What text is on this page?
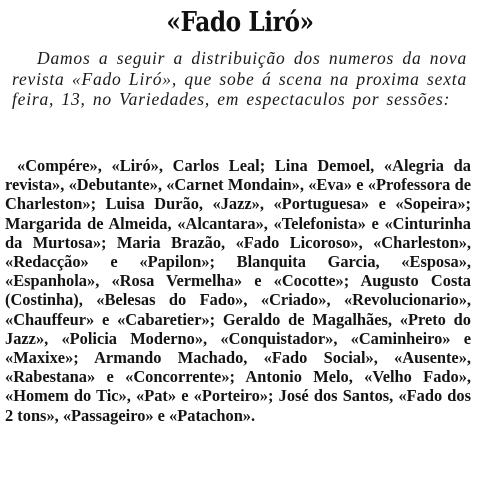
«Fado Liró»

Damos a seguir a distribuição dos numeros da nova revista «Fado Liró», que sobe á scena na proxima sexta feira, 13, no Variedades, em espectaculos por sessões:

«Compére», «Liró», Carlos Leal; Lina Demoel, «Alegria da revista», «Debutante», «Carnet Mondain», «Eva» e «Professora de Charleston»; Luisa Durão, «Jazz», «Portuguesa» e «Sopeira»; Margarida de Almeida, «Alcantara», «Telefonista» e «Cinturinha da Murtosa»; Maria Brazão, «Fado Licoroso», «Charleston», «Redacção» e «Papilon»; Blanquita Garcia, «Esposa», «Espanhola», «Rosa Vermelha» e «Cocotte»; Augusto Costa (Costinha), «Belesas do Fado», «Criado», «Revolucionario», «Chauffeur» e «Cabaretier»; Geraldo de Magalhães, «Preto do Jazz», «Policia Moderno», «Conquistador», «Caminheiro» e «Maxixe»; Armando Machado, «Fado Social», «Ausente», «Rabestana» e «Concorrente»; Antonio Melo, «Velho Fado», «Homem do Tic», «Pat» e «Porteiro»; José dos Santos, «Fado dos 2 tons», «Passageiro» e «Patachon».
